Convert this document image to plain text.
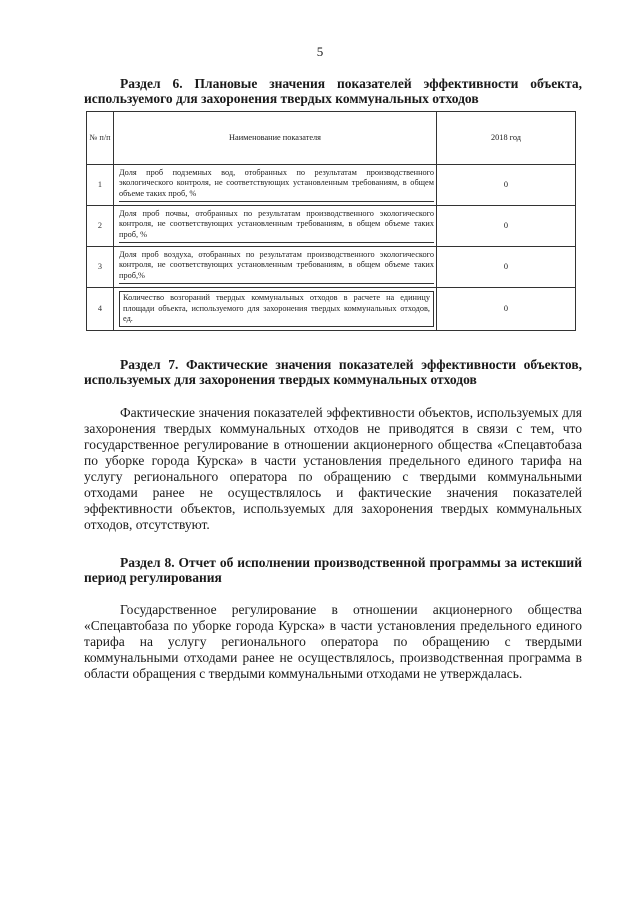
5
Раздел 6. Плановые значения показателей эффективности объекта, используемого для захоронения твердых коммунальных отходов
№ п/п	Наименование показателя	2018 год
1	Доля проб подземных вод, отобранных по результатам производственного экологического контроля, не соответствующих установленным требованиям, в общем объеме таких проб, %	0
2	Доля проб почвы, отобранных по результатам производственного экологического контроля, не соответствующих установленным требованиям, в общем объеме таких проб, %	0
3	Доля проб воздуха, отобранных по результатам производственного экологического контроля, не соответствующих установленным требованиям, в общем объеме таких проб,%	0
4	Количество возгораний твердых коммунальных отходов в расчете на единицу площади объекта, используемого для захоронения твердых коммунальных отходов, ед.	0
Раздел 7. Фактические значения показателей эффективности объектов, используемых для захоронения твердых коммунальных отходов

Фактические значения показателей эффективности объектов, используемых для захоронения твердых коммунальных отходов не приводятся в связи с тем, что государственное регулирование в отношении акционерного общества «Спецавтобаза по уборке города Курска» в части установления предельного единого тарифа на услугу регионального оператора по обращению с твердыми коммунальными отходами ранее не осуществлялось и фактические значения показателей эффективности объектов, используемых для захоронения твердых коммунальных отходов, отсутствуют.

Раздел 8. Отчет об исполнении производственной программы за истекший период регулирования

Государственное регулирование в отношении акционерного общества «Спецавтобаза по уборке города Курска» в части установления предельного единого тарифа на услугу регионального оператора по обращению с твердыми коммунальными отходами ранее не осуществлялось, производственная программа в области обращения с твердыми коммунальными отходами не утверждалась.
